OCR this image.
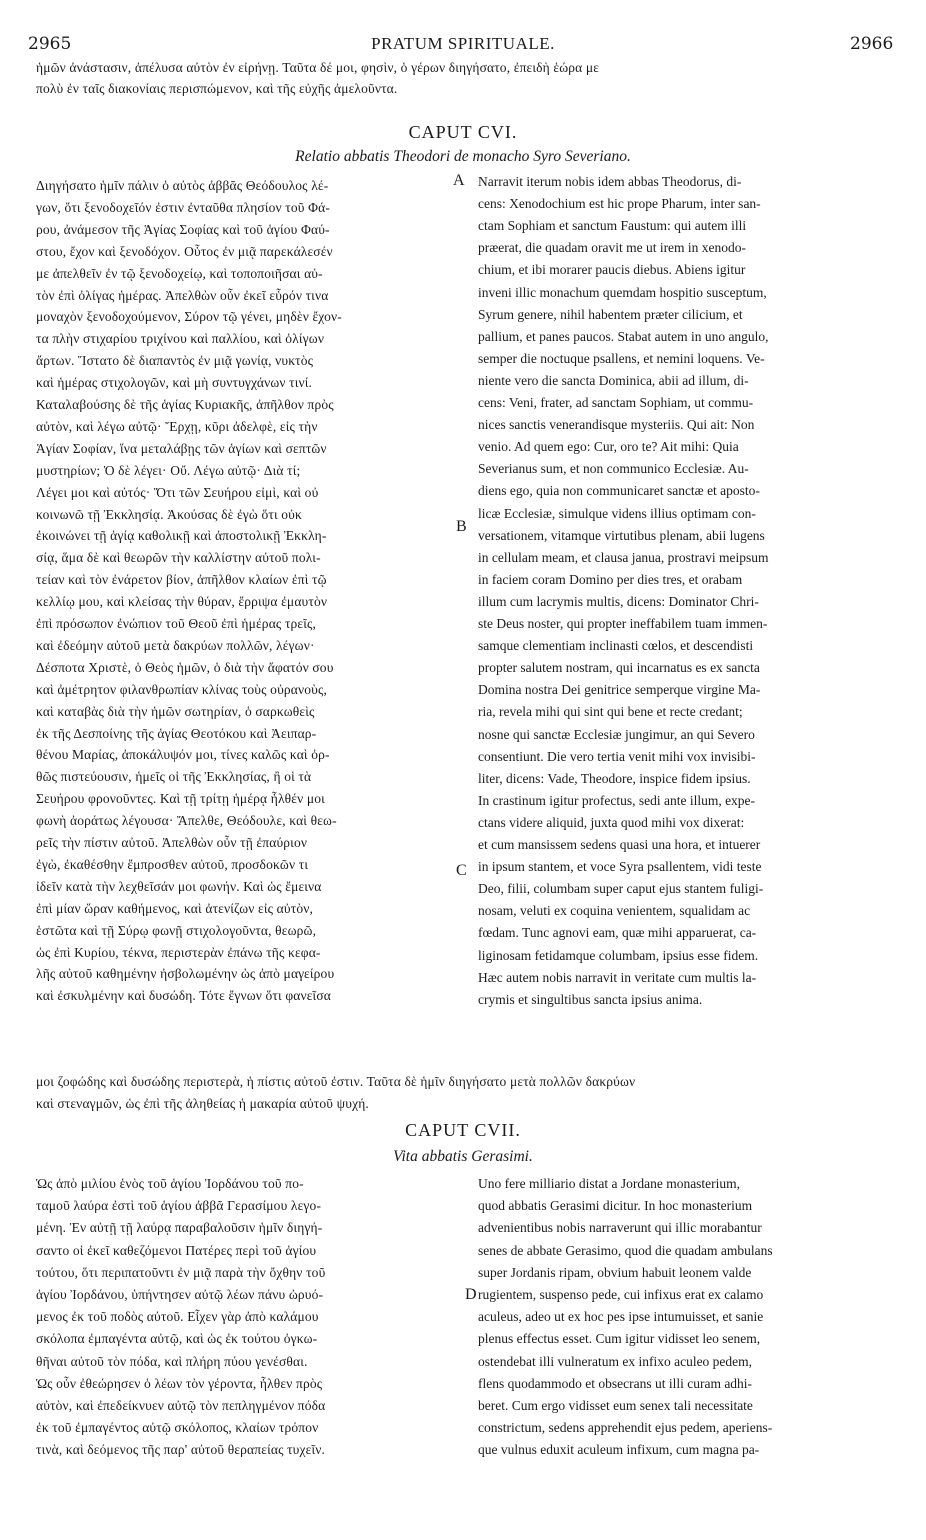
2965	PRATUM SPIRITUALE.	2966
CAPUT CVI.
Relatio abbatis Theodori de monacho Syro Severiano.
CAPUT CVII.
Vita abbatis Gerasimi.
A
B
C
D
ἡμῶν ἀνάστασιν, ἀπέλυσα αὐτὸν ἐν εἰρήνῃ. Ταῦτα δέ μοι, φησὶν, ὁ γέρων διηγήσατο, ἐπειδὴ ἑώρα με
πολὺ ἐν ταῖς διακονίαις περισπώμενον, καὶ τῆς εὐχῆς ἀμελοῦντα.
Διηγήσατο ἡμῖν πάλιν ὁ αὐτὸς ἀββᾶς Θεόδουλος λέ-
γων, ὅτι ξενοδοχεῖόν ἐστιν ἐνταῦθα πλησίον τοῦ Φά-
ρου, ἀνάμεσον τῆς Ἁγίας Σοφίας καὶ τοῦ ἁγίου Φαύ-
στου, ἔχον καὶ ξενοδόχον. Οὗτος ἐν μιᾷ παρεκάλεσέν
με ἀπελθεῖν ἐν τῷ ξενοδοχείῳ, καὶ τοποποιῆσαι αὐ-
τὸν ἐπὶ ὀλίγας ἡμέρας. Ἀπελθὼν οὖν ἐκεῖ εὗρόν τινα
μοναχὸν ξενοδοχούμενον, Σύρον τῷ γένει, μηδὲν ἔχον-
τα πλὴν στιχαρίου τριχίνου καὶ παλλίου, καὶ ὀλίγων
ἄρτων. Ἵστατο δὲ διαπαντὸς ἐν μιᾷ γωνίᾳ, νυκτὸς
καὶ ἡμέρας στιχολογῶν, καὶ μὴ συντυγχάνων τινί.
Καταλαβούσης δὲ τῆς ἁγίας Κυριακῆς, ἀπῆλθον πρὸς
αὐτὸν, καὶ λέγω αὐτῷ· Ἔρχῃ, κῦρι ἀδελφὲ, εἰς τὴν
Ἁγίαν Σοφίαν, ἵνα μεταλάβῃς τῶν ἁγίων καὶ σεπτῶν
μυστηρίων; Ὁ δὲ λέγει· Οὔ. Λέγω αὐτῷ· Διὰ τί;
Λέγει μοι καὶ αὐτός· Ὅτι τῶν Σευήρου εἰμὶ, καὶ οὐ
κοινωνῶ τῇ Ἐκκλησίᾳ. Ἀκούσας δὲ ἐγὼ ὅτι οὐκ
ἐκοινώνει τῇ ἁγίᾳ καθολικῇ καὶ ἀποστολικῇ Ἐκκλη-
σίᾳ, ἅμα δὲ καὶ θεωρῶν τὴν καλλίστην αὐτοῦ πολι-
τείαν καὶ τὸν ἐνάρετον βίον, ἀπῆλθον κλαίων ἐπὶ τῷ
κελλίῳ μου, καὶ κλείσας τὴν θύραν, ἔρριψα ἐμαυτὸν
ἐπὶ πρόσωπον ἐνώπιον τοῦ Θεοῦ ἐπὶ ἡμέρας τρεῖς,
καὶ ἐδεόμην αὐτοῦ μετὰ δακρύων πολλῶν, λέγων·
Δέσποτα Χριστὲ, ὁ Θεὸς ἡμῶν, ὁ διὰ τὴν ἄφατόν σου
καὶ ἀμέτρητον φιλανθρωπίαν κλίνας τοὺς οὐρανοὺς,
καὶ καταβὰς διὰ τὴν ἡμῶν σωτηρίαν, ὁ σαρκωθεὶς
ἐκ τῆς Δεσποίνης τῆς ἁγίας Θεοτόκου καὶ Ἀειπαρ-
θένου Μαρίας, ἀποκάλυψόν μοι, τίνες καλῶς καὶ ὀρ-
θῶς πιστεύουσιν, ἡμεῖς οἱ τῆς Ἐκκλησίας, ἢ οἱ τὰ
Σευήρου φρονοῦντες. Καὶ τῇ τρίτῃ ἡμέρᾳ ἦλθέν μοι
φωνὴ ἀοράτως λέγουσα· Ἄπελθε, Θεόδουλε, καὶ θεω-
ρεῖς τὴν πίστιν αὐτοῦ. Ἀπελθὼν οὖν τῇ ἐπαύριον
ἐγὼ, ἐκαθέσθην ἔμπροσθεν αὐτοῦ, προσδοκῶν τι
ἰδεῖν κατὰ τὴν λεχθεῖσάν μοι φωνήν. Καὶ ὡς ἔμεινα
ἐπὶ μίαν ὥραν καθήμενος, καὶ ἀτενίζων εἰς αὐτὸν,
ἑστῶτα καὶ τῇ Σύρῳ φωνῇ στιχολογοῦντα, θεωρῶ,
ὡς ἐπὶ Κυρίου, τέκνα, περιστερὰν ἐπάνω τῆς κεφα-
λῆς αὐτοῦ καθημένην ἠσβολωμένην ὡς ἀπὸ μαγείρου
καὶ ἐσκυλμένην καὶ δυσώδη. Τότε ἔγνων ὅτι φανεῖσα
Narravit iterum nobis idem abbas Theodorus, di-
cens: Xenodochium est hic prope Pharum, inter san-
ctam Sophiam et sanctum Faustum: qui autem illi
præerat, die quadam oravit me ut irem in xenodo-
chium, et ibi morarer paucis diebus. Abiens igitur
inveni illic monachum quemdam hospitio susceptum,
Syrum genere, nihil habentem præter cilicium, et
pallium, et panes paucos. Stabat autem in uno angulo,
semper die noctuque psallens, et nemini loquens. Ve-
niente vero die sancta Dominica, abii ad illum, di-
cens: Veni, frater, ad sanctam Sophiam, ut commu-
nices sanctis venerandisque mysteriis. Qui ait: Non
venio. Ad quem ego: Cur, oro te? Ait mihi: Quia
Severianus sum, et non communico Ecclesiæ. Au-
diens ego, quia non communicaret sanctæ et aposto-
licæ Ecclesiæ, simulque videns illius optimam con-
versationem, vitamque virtutibus plenam, abii lugens
in cellulam meam, et clausa janua, prostravi meipsum
in faciem coram Domino per dies tres, et orabam
illum cum lacrymis multis, dicens: Dominator Chri-
ste Deus noster, qui propter ineffabilem tuam immen-
samque clementiam inclinasti cœlos, et descendisti
propter salutem nostram, qui incarnatus es ex sancta
Domina nostra Dei genitrice semperque virgine Ma-
ria, revela mihi qui sint qui bene et recte credant;
nosne qui sanctæ Ecclesiæ jungimur, an qui Severo
consentiunt. Die vero tertia venit mihi vox invisibi-
liter, dicens: Vade, Theodore, inspice fidem ipsius.
In crastinum igitur profectus, sedi ante illum, expe-
ctans videre aliquid, juxta quod mihi vox dixerat:
et cum mansissem sedens quasi una hora, et intuerer
in ipsum stantem, et voce Syra psallentem, vidi teste
Deo, filii, columbam super caput ejus stantem fuligi-
nosam, veluti ex coquina venientem, squalidam ac
fœdam. Tunc agnovi eam, quæ mihi apparuerat, ca-
liginosam fetidamque columbam, ipsius esse fidem.
Hæc autem nobis narravit in veritate cum multis la-
crymis et singultibus sancta ipsius anima.
μοι ζοφώδης καὶ δυσώδης περιστερὰ, ἡ πίστις αὐτοῦ ἐστιν. Ταῦτα δὲ ἡμῖν διηγήσατο μετὰ πολλῶν δακρύων
καὶ στεναγμῶν, ὡς ἐπὶ τῆς ἀληθείας ἡ μακαρία αὐτοῦ ψυχή.
Ὡς ἀπὸ μιλίου ἑνὸς τοῦ ἁγίου Ἰορδάνου τοῦ πο-
ταμοῦ λαύρα ἐστὶ τοῦ ἁγίου ἀββᾶ Γερασίμου λεγο-
μένη. Ἐν αὐτῇ τῇ λαύρᾳ παραβαλοῦσιν ἡμῖν διηγή-
σαντο οἱ ἐκεῖ καθεζόμενοι Πατέρες περὶ τοῦ ἁγίου
τούτου, ὅτι περιπατοῦντι ἐν μιᾷ παρὰ τὴν ὄχθην τοῦ
ἁγίου Ἰορδάνου, ὑπήντησεν αὐτῷ λέων πάνυ ὠρυό-
μενος ἐκ τοῦ ποδὸς αὐτοῦ. Εἶχεν γὰρ ἀπὸ καλάμου
σκόλοπα ἐμπαγέντα αὐτῷ, καὶ ὡς ἐκ τούτου ὀγκω-
θῆναι αὐτοῦ τὸν πόδα, καὶ πλήρη πύου γενέσθαι.
Ὡς οὖν ἐθεώρησεν ὁ λέων τὸν γέροντα, ἦλθεν πρὸς
αὐτὸν, καὶ ἐπεδείκνυεν αὐτῷ τὸν πεπληγμένον πόδα
ἐκ τοῦ ἐμπαγέντος αὐτῷ σκόλοπος, κλαίων τρόπον
τινὰ, καὶ δεόμενος τῆς παρ' αὐτοῦ θεραπείας τυχεῖν.
Uno fere milliario distat a Jordane monasterium,
quod abbatis Gerasimi dicitur. In hoc monasterium
advenientibus nobis narraverunt qui illic morabantur
senes de abbate Gerasimo, quod die quadam ambulans
super Jordanis ripam, obvium habuit leonem valde
rugientem, suspenso pede, cui infixus erat ex calamo
aculeus, adeo ut ex hoc pes ipse intumuisset, et sanie
plenus effectus esset. Cum igitur vidisset leo senem,
ostendebat illi vulneratum ex infixo aculeo pedem,
flens quodammodo et obsecrans ut illi curam adhi-
beret. Cum ergo vidisset eum senex tali necessitate
constrictum, sedens apprehendit ejus pedem, aperiens-
que vulnus eduxit aculeum infixum, cum magna pa-
